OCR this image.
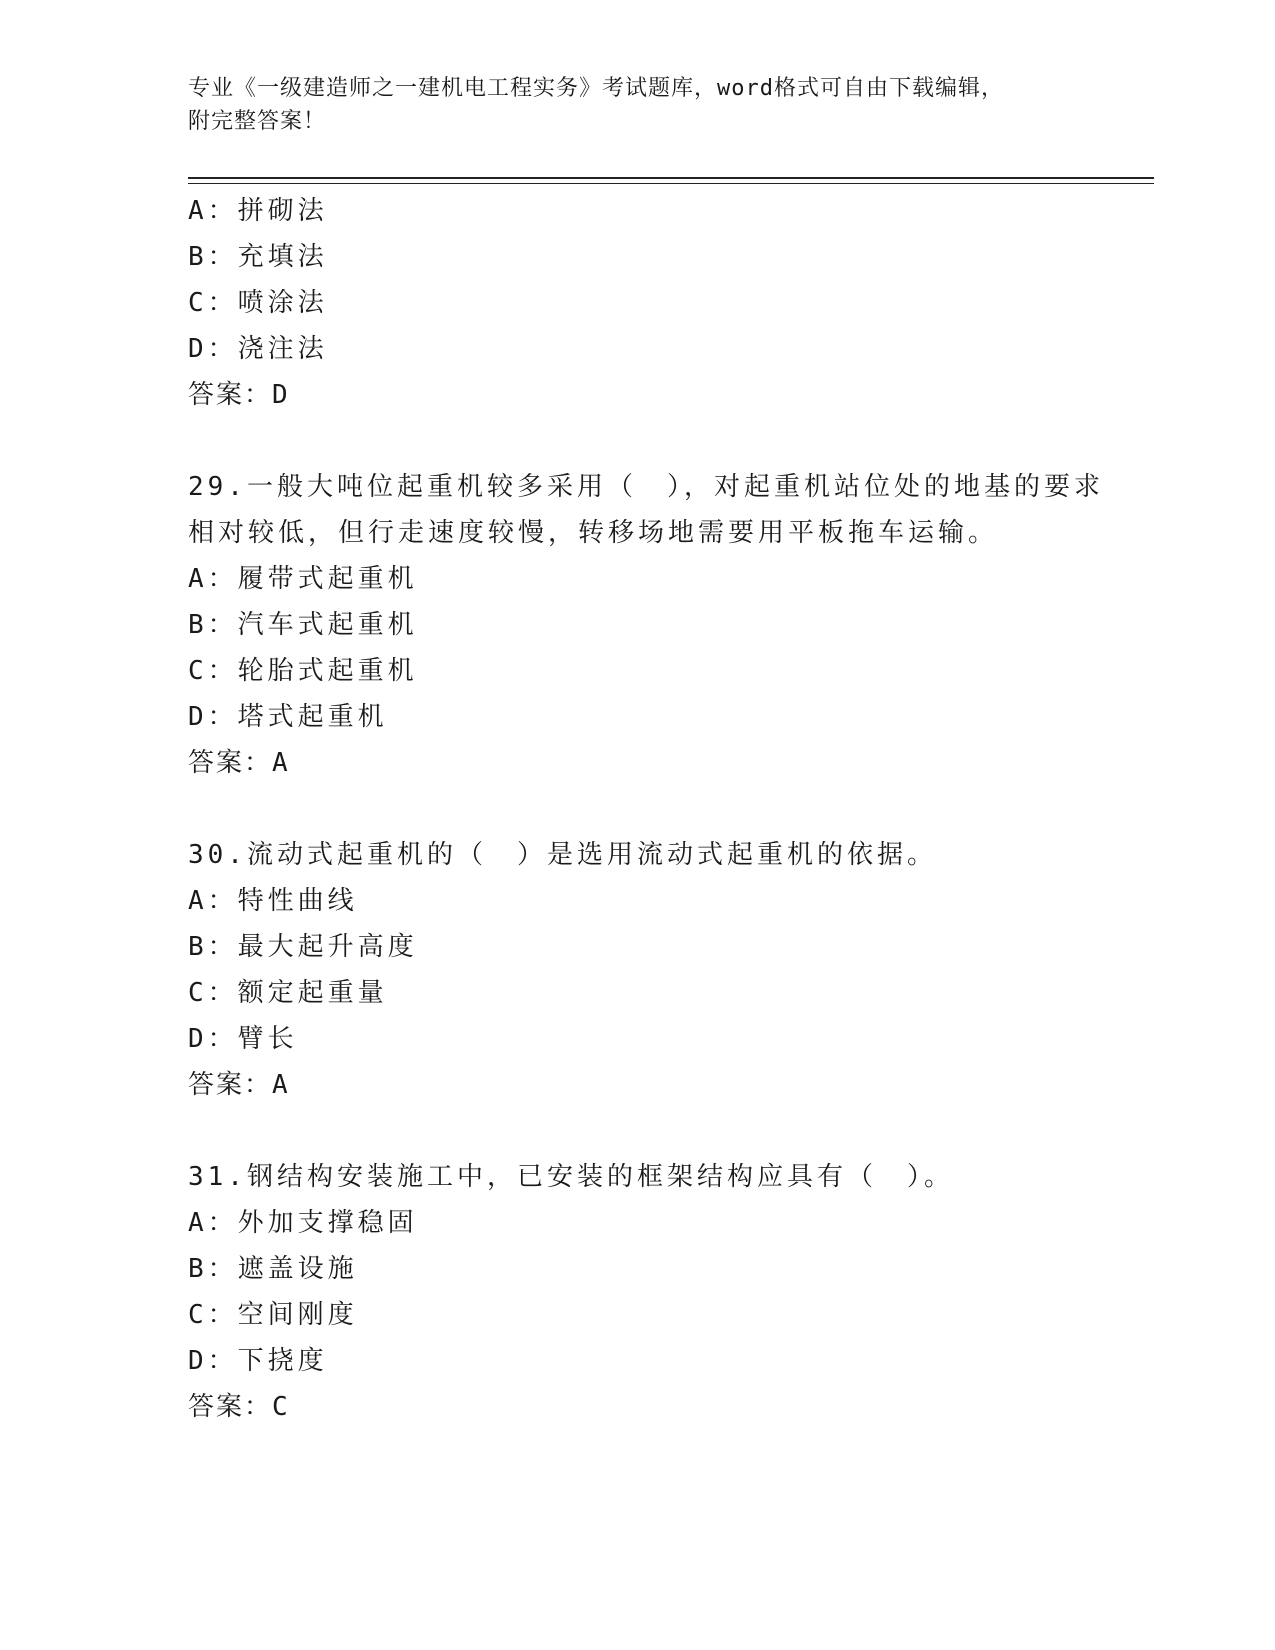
专业《一级建造师之一建机电工程实务》考试题库，word格式可自由下载编辑，
附完整答案！
A：拼砌法
B：充填法
C：喷涂法
D：浇注法
答案：D
29.一般大吨位起重机较多采用（　），对起重机站位处的地基的要求
相对较低，但行走速度较慢，转移场地需要用平板拖车运输。
A：履带式起重机
B：汽车式起重机
C：轮胎式起重机
D：塔式起重机
答案：A
30.流动式起重机的（　）是选用流动式起重机的依据。
A：特性曲线
B：最大起升高度
C：额定起重量
D：臂长
答案：A
31.钢结构安装施工中，已安装的框架结构应具有（　）。
A：外加支撑稳固
B：遮盖设施
C：空间刚度
D：下挠度
答案：C
